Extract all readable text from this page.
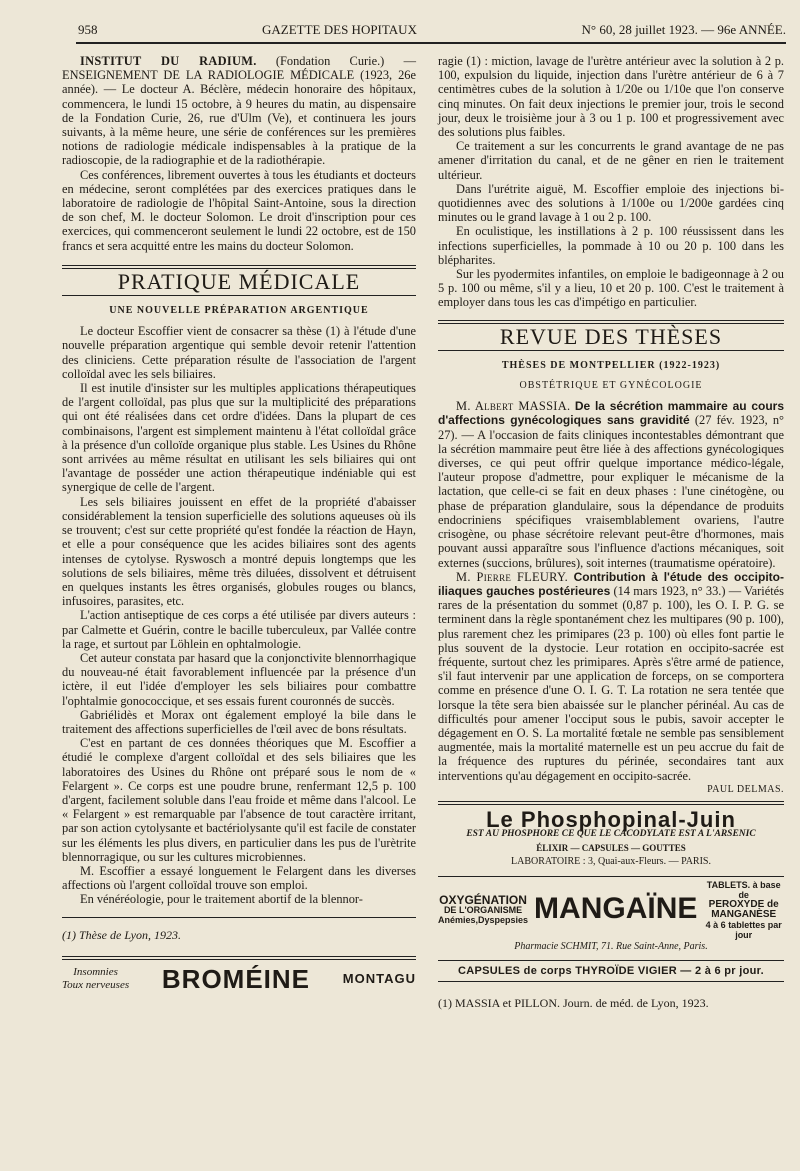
958	GAZETTE DES HOPITAUX	N° 60, 28 juillet 1923. — 96e ANNÉE.

INSTITUT DU RADIUM. (Fondation Curie.) — ENSEIGNEMENT DE LA RADIOLOGIE MÉDICALE (1923, 26e année). — Le docteur A. Béclère, médecin honoraire des hôpitaux, commencera, le lundi 15 octobre, à 9 heures du matin, au dispensaire de la Fondation Curie, 26, rue d'Ulm (Ve), et continuera les jours suivants, à la même heure, une série de conférences sur les premières notions de radiologie médicale indispensables à la pratique de la radioscopie, de la radiographie et de la radiothérapie.

Ces conférences, librement ouvertes à tous les étudiants et docteurs en médecine, seront complétées par des exercices pratiques dans le laboratoire de radiologie de l'hôpital Saint-Antoine, sous la direction de son chef, M. le docteur Solomon. Le droit d'inscription pour ces exercices, qui commenceront seulement le lundi 22 octobre, est de 150 francs et sera acquitté entre les mains du docteur Solomon.

PRATIQUE MÉDICALE
UNE NOUVELLE PRÉPARATION ARGENTIQUE

Le docteur Escoffier vient de consacrer sa thèse (1) à l'étude d'une nouvelle préparation argentique qui semble devoir retenir l'attention des cliniciens. Cette préparation résulte de l'association de l'argent colloïdal avec les sels biliaires.

Il est inutile d'insister sur les multiples applications thérapeutiques de l'argent colloïdal, pas plus que sur la multiplicité des préparations qui ont été réalisées dans cet ordre d'idées. Dans la plupart de ces combinaisons, l'argent est simplement maintenu à l'état colloïdal grâce à la présence d'un colloïde organique plus stable. Les Usines du Rhône sont arrivées au même résultat en utilisant les sels biliaires qui ont l'avantage de posséder une action thérapeutique indéniable qui est synergique de celle de l'argent.

Les sels biliaires jouissent en effet de la propriété d'abaisser considérablement la tension superficielle des solutions aqueuses où ils se trouvent; c'est sur cette propriété qu'est fondée la réaction de Hayn, et elle a pour conséquence que les acides biliaires sont des agents intenses de cytolyse. Ryswosch a montré depuis longtemps que les solutions de sels biliaires, même très diluées, dissolvent et détruisent en quelques instants les êtres organisés, globules rouges ou blancs, infusoires, parasites, etc.

L'action antiseptique de ces corps a été utilisée par divers auteurs : par Calmette et Guérin, contre le bacille tuberculeux, par Vallée contre la rage, et surtout par Löhlein en ophtalmologie.

Cet auteur constata par hasard que la conjonctivite blennorrhagique du nouveau-né était favorablement influencée par la présence d'un ictère, il eut l'idée d'employer les sels biliaires pour combattre l'ophtalmie gonococcique, et ses essais furent couronnés de succès.

Gabriélidès et Morax ont également employé la bile dans le traitement des affections superficielles de l'œil avec de bons résultats.

C'est en partant de ces données théoriques que M. Escoffier a étudié le complexe d'argent colloïdal et des sels biliaires que les laboratoires des Usines du Rhône ont préparé sous le nom de « Felargent ». Ce corps est une poudre brune, renfermant 12,5 p. 100 d'argent, facilement soluble dans l'eau froide et même dans l'alcool. Le « Felargent » est remarquable par l'absence de tout caractère irritant, par son action cytolysante et bactériolysante qu'il est facile de constater sur les éléments les plus divers, en particulier dans les pus de l'urètrite blennorragique, ou sur les cultures microbiennes.

M. Escoffier a essayé longuement le Felargent dans les diverses affections où l'argent colloïdal trouve son emploi.

En vénéréologie, pour le traitement abortif de la blennor-

(1) Thèse de Lyon, 1923.
Insomnies
Toux nerveuses BROMÉINE	MONTAGU

ragie (1) : miction, lavage de l'urètre antérieur avec la solution à 2 p. 100, expulsion du liquide, injection dans l'urètre antérieur de 6 à 7 centimètres cubes de la solution à 1/20e ou 1/10e que l'on conserve cinq minutes. On fait deux injections le premier jour, trois le second jour, deux le troisième jour à 3 ou 1 p. 100 et progressivement avec des solutions plus faibles.

Ce traitement a sur les concurrents le grand avantage de ne pas amener d'irritation du canal, et de ne gêner en rien le traitement ultérieur.

Dans l'urétrite aiguë, M. Escoffier emploie des injections bi-quotidiennes avec des solutions à 1/100e ou 1/200e gardées cinq minutes ou le grand lavage à 1 ou 2 p. 100.

En oculistique, les instillations à 2 p. 100 réussissent dans les infections superficielles, la pommade à 10 ou 20 p. 100 dans les blépharites.

Sur les pyodermites infantiles, on emploie le badigeonnage à 2 ou 5 p. 100 ou même, s'il y a lieu, 10 et 20 p. 100. C'est le traitement à employer dans tous les cas d'impétigo en particulier.

REVUE DES THÈSES
THÈSES DE MONTPELLIER (1922-1923)
OBSTÉTRIQUE ET GYNÉCOLOGIE

M. Albert MASSIA. De la sécrétion mammaire au cours d'affections gynécologiques sans gravidité (27 fév. 1923, n° 27). — A l'occasion de faits cliniques incontestables démontrant que la sécrétion mammaire peut être liée à des affections gynécologiques diverses, ce qui peut offrir quelque importance médico-légale, l'auteur propose d'admettre, pour expliquer le mécanisme de la lactation, que celle-ci se fait en deux phases : l'une cinétogène, ou phase de préparation glandulaire, sous la dépendance de produits endocriniens spécifiques vraisemblablement ovariens, l'autre crisogène, ou phase sécrétoire relevant peut-être d'hormones, mais pouvant aussi apparaître sous l'influence d'actions mécaniques, soit externes (succions, brûlures), soit internes (traumatisme opératoire).

M. Pierre FLEURY. Contribution à l'étude des occipito-iliaques gauches postérieures (14 mars 1923, n° 33.) — Variétés rares de la présentation du sommet (0,87 p. 100), les O. I. P. G. se terminent dans la règle spontanément chez les multipares (90 p. 100), plus rarement chez les primipares (23 p. 100) où elles font partie le plus souvent de la dystocie. Leur rotation en occipito-sacrée est fréquente, surtout chez les primipares. Après s'être armé de patience, s'il faut intervenir par une application de forceps, on se comportera comme en présence d'une O. I. G. T. La rotation ne sera tentée que lorsque la tête sera bien abaissée sur le plancher périnéal. Au cas de difficultés pour amener l'occiput sous le pubis, savoir accepter le dégagement en O. S. La mortalité fœtale ne semble pas sensiblement augmentée, mais la mortalité maternelle est un peu accrue du fait de la fréquence des ruptures du périnée, secondaires tant aux interventions qu'au dégagement en occipito-sacrée.
PAUL DELMAS.

Le Phosphopinal-Juin
EST AU PHOSPHORE CE QUE LE CACODYLATE EST A L'ARSENIC
ÉLIXIR — CAPSULES — GOUTTES
LABORATOIRE : 3, Quai-aux-Fleurs. — PARIS.
OXYGÉNATION
DE L'ORGANISME
Anémies,Dyspepsies MANGAÏNE
TABLETS. à base de
PEROXYDE de MANGANÈSE
4 à 6 tablettes par jour
Pharmacie SCHMIT, 71. Rue Saint-Anne, Paris.
CAPSULES de corps THYROÏDE VIGIER — 2 à 6 pr jour.
(1) MASSIA et PILLON. Journ. de méd. de Lyon, 1923.
